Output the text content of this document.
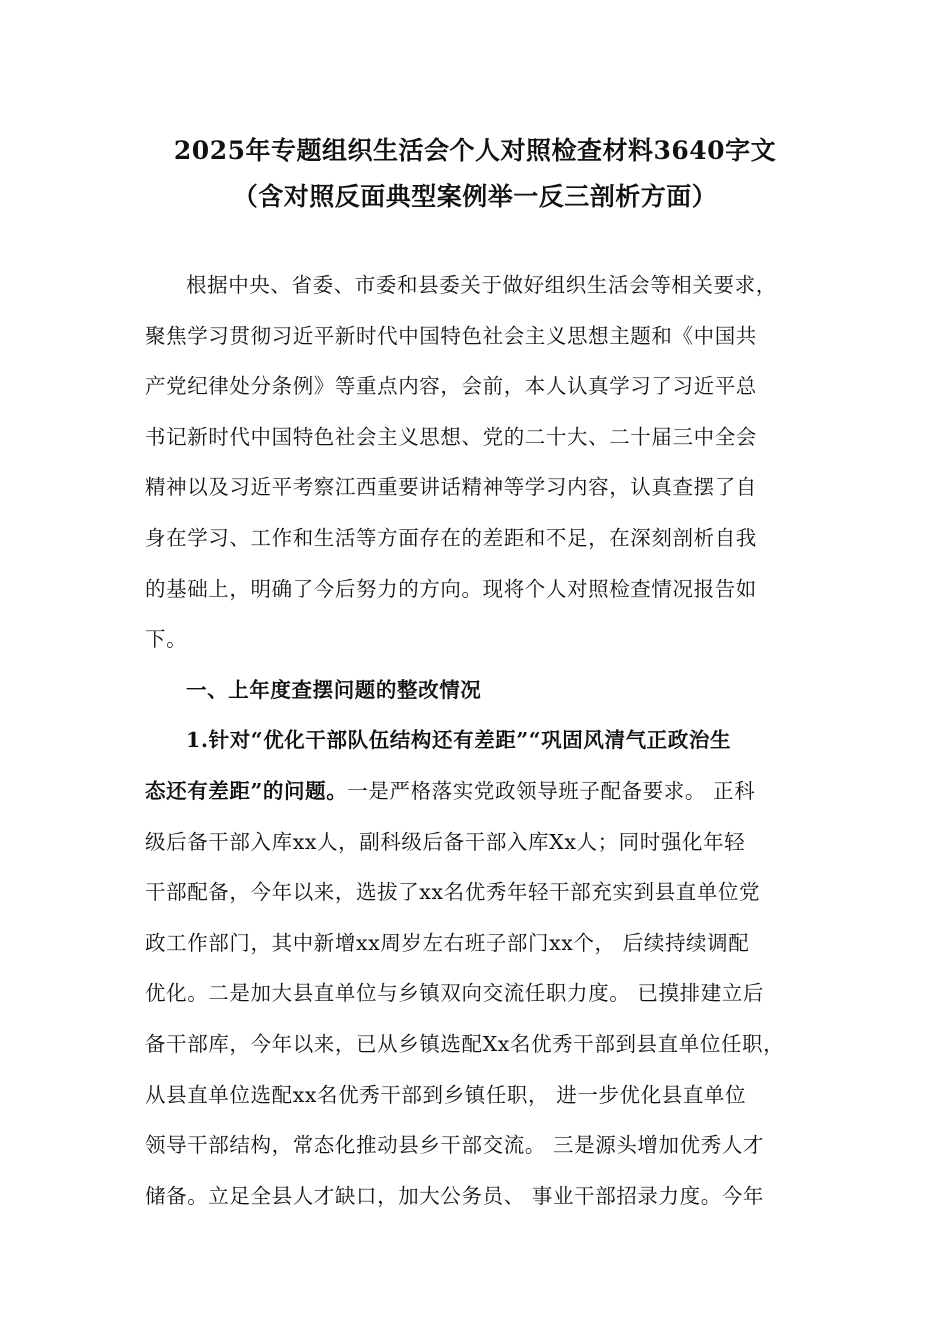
2025年专题组织生活会个人对照检查材料3640字文
（含对照反面典型案例举一反三剖析方面）
根据中央、省委、市委和县委关于做好组织生活会等相关要求，
聚焦学习贯彻习近平新时代中国特色社会主义思想主题和《中国共
产党纪律处分条例》等重点内容，会前，本人认真学习了习近平总
书记新时代中国特色社会主义思想、党的二十大、二十届三中全会
精神以及习近平考察江西重要讲话精神等学习内容，认真查摆了自
身在学习、工作和生活等方面存在的差距和不足，在深刻剖析自我
的基础上，明确了今后努力的方向。现将个人对照检查情况报告如
下。
一、上年度查摆问题的整改情况
1.针对“优化干部队伍结构还有差距”“巩固风清气正政治生
态还有差距”的问题。一是严格落实党政领导班子配备要求。 正科
级后备干部入库xx人，副科级后备干部入库Xx人；同时强化年轻
干部配备，今年以来，选拔了xx名优秀年轻干部充实到县直单位党
政工作部门，其中新增xx周岁左右班子部门xx个， 后续持续调配
优化。二是加大县直单位与乡镇双向交流任职力度。 已摸排建立后
备干部库，今年以来，已从乡镇选配Xx名优秀干部到县直单位任职，
从县直单位选配xx名优秀干部到乡镇任职， 进一步优化县直单位
领导干部结构，常态化推动县乡干部交流。 三是源头增加优秀人才
储备。立足全县人才缺口，加大公务员、 事业干部招录力度。今年
